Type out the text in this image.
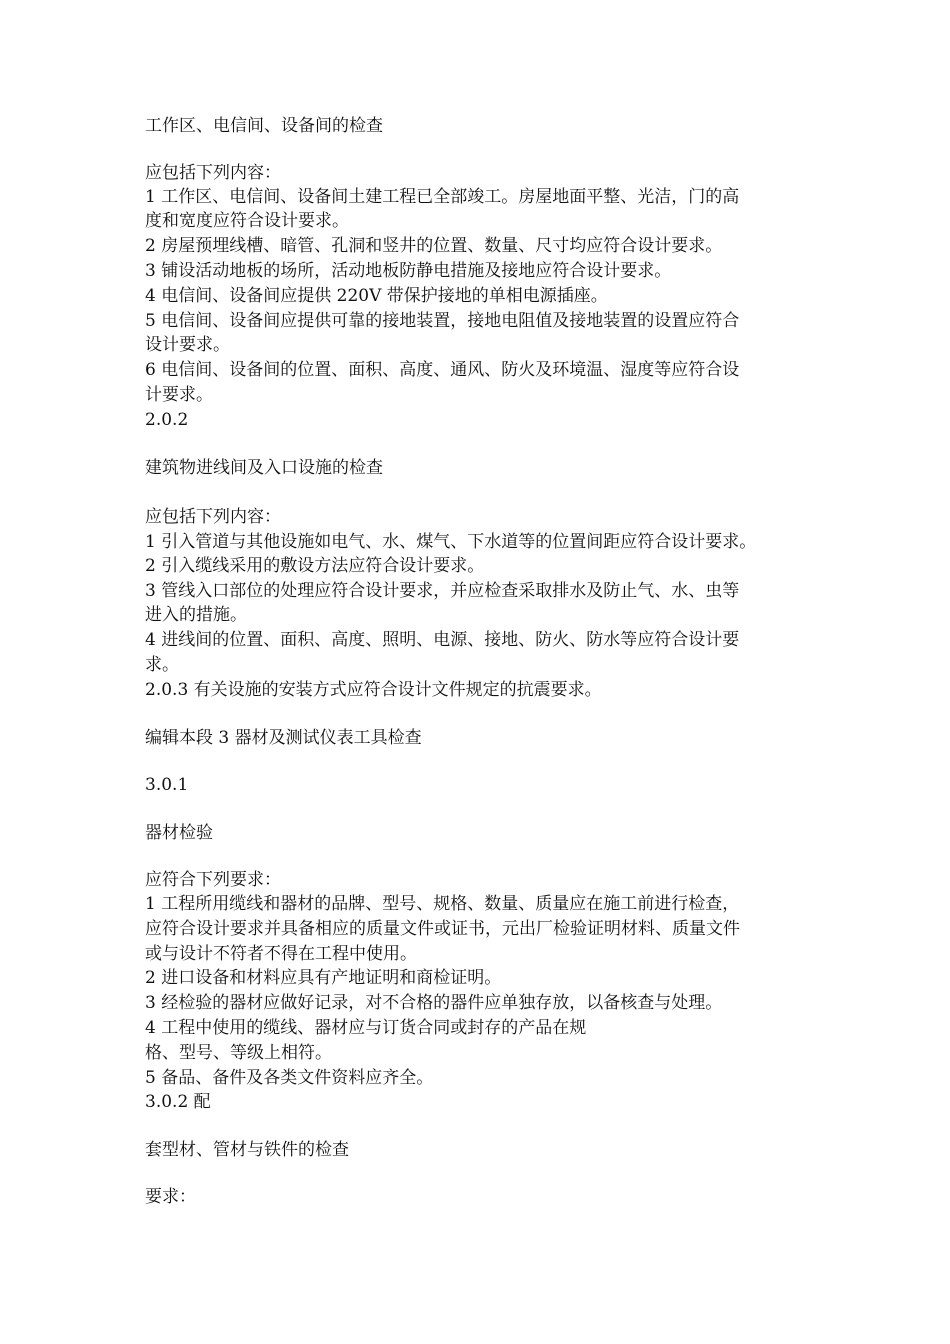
工作区、电信间、设备间的检查
应包括下列内容：
1 工作区、电信间、设备间土建工程已全部竣工。房屋地面平整、光洁，门的高
度和宽度应符合设计要求。
2 房屋预埋线槽、暗管、孔洞和竖井的位置、数量、尺寸均应符合设计要求。
3 铺设活动地板的场所，活动地板防静电措施及接地应符合设计要求。
4 电信间、设备间应提供 220V 带保护接地的单相电源插座。
5 电信间、设备间应提供可靠的接地装置，接地电阻值及接地装置的设置应符合
设计要求。
6 电信间、设备间的位置、面积、高度、通风、防火及环境温、湿度等应符合设
计要求。
2.0.2
建筑物进线间及入口设施的检查
应包括下列内容：
1 引入管道与其他设施如电气、水、煤气、下水道等的位置间距应符合设计要求。
2 引入缆线采用的敷设方法应符合设计要求。
3 管线入口部位的处理应符合设计要求，并应检查采取排水及防止气、水、虫等
进入的措施。
4 进线间的位置、面积、高度、照明、电源、接地、防火、防水等应符合设计要
求。
2.0.3 有关设施的安装方式应符合设计文件规定的抗震要求。
编辑本段 3 器材及测试仪表工具检查
3.0.1
器材检验
应符合下列要求：
1 工程所用缆线和器材的品牌、型号、规格、数量、质量应在施工前进行检查，
应符合设计要求并具备相应的质量文件或证书，元出厂检验证明材料、质量文件
或与设计不符者不得在工程中使用。
2 进口设备和材料应具有产地证明和商检证明。
3 经检验的器材应做好记录，对不合格的器件应单独存放，以备核查与处理。
4 工程中使用的缆线、器材应与订货合同或封存的产品在规
格、型号、等级上相符。
5 备品、备件及各类文件资料应齐全。
3.0.2 配
套型材、管材与铁件的检查
要求：
